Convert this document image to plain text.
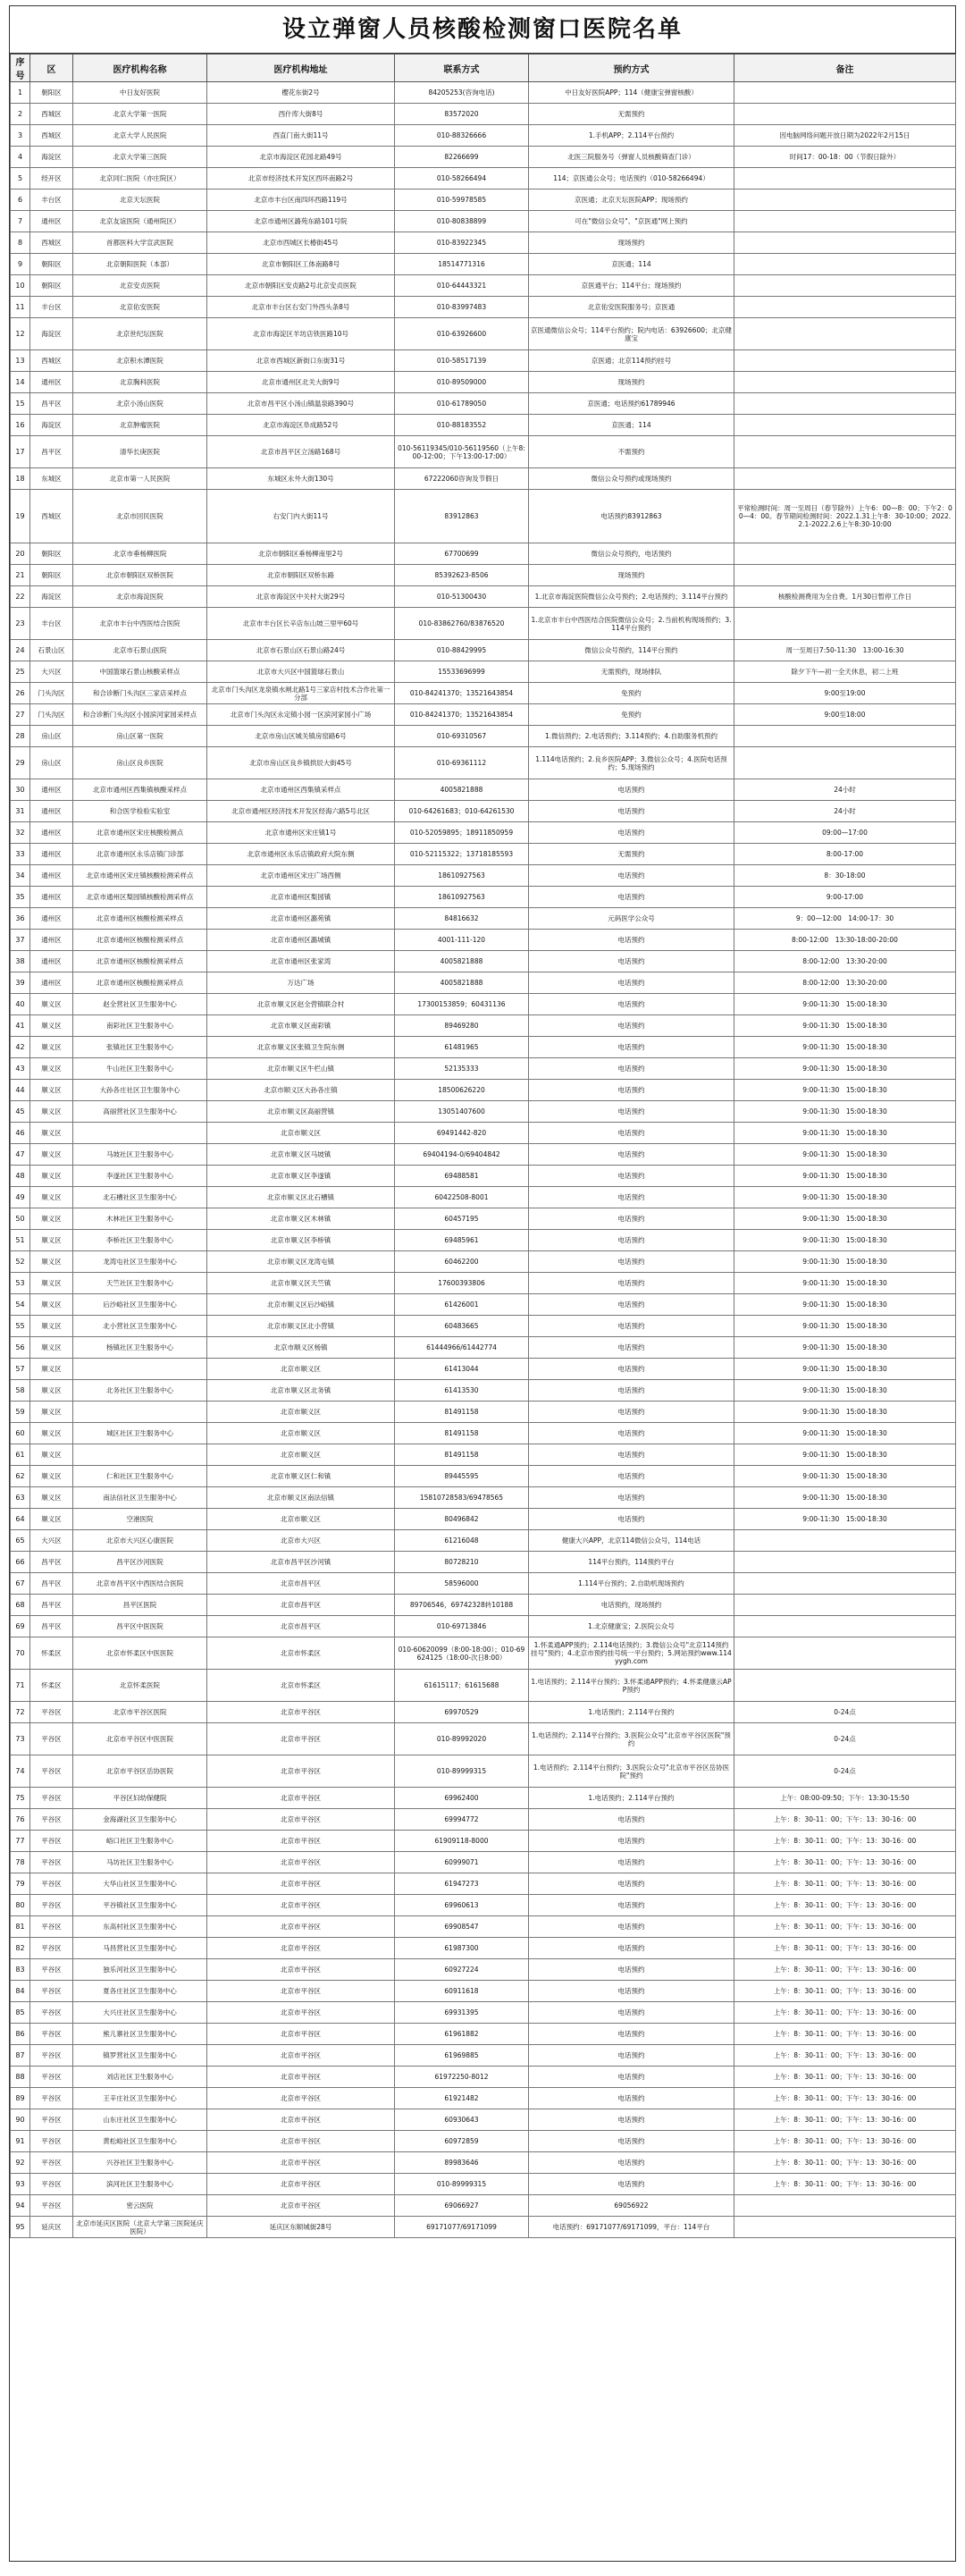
设立弹窗人员核酸检测窗口医院名单
序号	区	医疗机构名称	医疗机构地址	联系方式	预约方式	备注
1	朝阳区	中日友好医院	樱花东街2号	84205253(咨询电话)	中日友好医院APP；114（健康宝弹窗核酸）	
2	西城区	北京大学第一医院	西什库大街8号	83572020	无需预约	
3	西城区	北京大学人民医院	西直门南大街11号	010-88326666	1.手机APP；2.114平台预约	因电脑网络问题开放日期为2022年2月15日
4	海淀区	北京大学第三医院	北京市海淀区花园北路49号	82266699	北医三院服务号（弹窗人员核酸筛查门诊）	时间17：00-18：00（节假日除外）
5	经开区	北京同仁医院（亦庄院区）	北京市经济技术开发区西环南路2号	010-58266494	114；京医通公众号；电话预约（010-58266494）	
6	丰台区	北京天坛医院	北京市丰台区南四环西路119号	010-59978585	京医通；北京天坛医院APP；现场预约	
7	通州区	北京友谊医院（通州院区）	北京市通州区潞苑东路101号院	010-80838899	可在"微信公众号"、"京医通"网上预约	
8	西城区	首都医科大学宣武医院	北京市西城区长椿街45号	010-83922345	现场预约	
9	朝阳区	北京朝阳医院（本部）	北京市朝阳区工体南路8号	18514771316	京医通；114	
10	朝阳区	北京安贞医院	北京市朝阳区安贞路2号北京安贞医院	010-64443321	京医通平台；114平台；现场预约	
11	丰台区	北京佑安医院	北京市丰台区右安门外西头条8号	010-83997483	北京佑安医院服务号；京医通	
12	海淀区	北京世纪坛医院	北京市海淀区羊坊店铁医路10号	010-63926600	京医通微信公众号；114平台预约；院内电话：63926600；北京健康宝	
13	西城区	北京积水潭医院	北京市西城区新街口东街31号	010-58517139	京医通；北京114预约挂号	
14	通州区	北京胸科医院	北京市通州区北关大街9号	010-89509000	现场预约	
15	昌平区	北京小汤山医院	北京市昌平区小汤山镇温泉路390号	010-61789050	京医通；电话预约61789946	
16	海淀区	北京肿瘤医院	北京市海淀区阜成路52号	010-88183552	京医通；114	
17	昌平区	清华长庚医院	北京市昌平区立汤路168号	010-56119345/010-56119560（上午8:00-12:00；下午13:00-17:00）	不需预约	
18	东城区	北京市第一人民医院	东城区永外大街130号	67222060咨询及节假日	微信公众号预约或现场预约	
19	西城区	北京市回民医院	右安门内大街11号	83912863	电话预约83912863	平常检测时间：周一至周日（春节除外）上午6：00—8：00；下午2：00—4：00。春节期间检测时间：2022.1.31上午8：30-10:00；2022.2.1-2022.2.6上午8:30-10:00
20	朝阳区	北京市垂杨柳医院	北京市朝阳区垂杨柳南里2号	67700699	微信公众号预约，电话预约	
21	朝阳区	北京市朝阳区双桥医院	北京市朝阳区双桥东路	85392623-8506	现场预约	
22	海淀区	北京市海淀医院	北京市海淀区中关村大街29号	010-51300430	1.北京市海淀医院微信公众号预约；2.电话预约；3.114平台预约	核酸检测费用为全自费。1月30日暂停工作日
23	丰台区	北京市丰台中西医结合医院	北京市丰台区长辛店东山坡三里甲60号	010-83862760/83876520	1.北京市丰台中西医结合医院微信公众号；2.当前机构现场预约；3.114平台预约	
24	石景山区	北京市石景山医院	北京市石景山区石景山路24号	010-88429995	微信公众号预约，114平台预约	周一至周日7:50-11:30　13:00-16:30
25	大兴区	中国篮球石景山核酸采样点	北京市大兴区中国篮球石景山	15533696999	无需预约，现场排队	除夕下午—初一全天休息，初二上班
26	门头沟区	和合诊断门头沟区三家店采样点	北京市门头沟区龙泉镇水闸北路1号三家店村技术合作社第一分部	010-84241370；13521643854	免预约	9:00至19:00
27	门头沟区	和合诊断门头沟区小园滨河家园采样点	北京市门头沟区永定镇小园一区滨河家园小广场	010-84241370；13521643854	免预约	9:00至18:00
28	房山区	房山区第一医院	北京市房山区城关镇房窑路6号	010-69310567	1.微信预约；2.电话预约；3.114预约；4.自助服务机预约	
29	房山区	房山区良乡医院	北京市房山区良乡镇拱辰大街45号	010-69361112	1.114电话预约；2.良乡医院APP；3.微信公众号；4.医院电话预约；5.现场预约	
30	通州区	北京市通州区西集镇核酸采样点	北京市通州区西集镇采样点	4005821888	电话预约	24小时
31	通州区	和合医学检验实验室	北京市通州区经济技术开发区经海六路5号北区	010-64261683；010-64261530	电话预约	24小时
32	通州区	北京市通州区宋庄核酸检测点	北京市通州区宋庄镇1号	010-52059895；18911850959	电话预约	09:00—17:00
33	通州区	北京市通州区永乐店镇门诊部	北京市通州区永乐店镇政府大院东侧	010-52115322；13718185593	无需预约	8:00-17:00
34	通州区	北京市通州区宋庄镇核酸检测采样点	北京市通州区宋庄广场西侧	18610927563	电话预约	8：30-18:00
35	通州区	北京市通州区梨园镇核酸检测采样点	北京市通州区梨园镇	18610927563	电话预约	9:00-17:00
36	通州区	北京市通州区核酸检测采样点	北京市通州区潞苑镇	84816632	元码医学公众号	9：00—12:00　14:00-17：30
37	通州区	北京市通州区核酸检测采样点	北京市通州区潞城镇	4001-111-120	电话预约	8:00-12:00　13:30-18:00-20:00
38	通州区	北京市通州区核酸检测采样点	北京市通州区张家湾	4005821888	电话预约	8:00-12:00　13:30-20:00
39	通州区	北京市通州区核酸检测采样点	万达广场	4005821888	电话预约	8:00-12:00　13:30-20:00
40	顺义区	赵全营社区卫生服务中心	北京市顺义区赵全营镇联合村	17300153859；60431136	电话预约	9:00-11:30　15:00-18:30
41	顺义区	南彩社区卫生服务中心	北京市顺义区南彩镇	89469280	电话预约	9:00-11:30　15:00-18:30
42	顺义区	张镇社区卫生服务中心	北京市顺义区张镇卫生院东侧	61481965	电话预约	9:00-11:30　15:00-18:30
43	顺义区	牛山社区卫生服务中心	北京市顺义区牛栏山镇	52135333	电话预约	9:00-11:30　15:00-18:30
44	顺义区	大孙各庄社区卫生服务中心	北京市顺义区大孙各庄镇	18500626220	电话预约	9:00-11:30　15:00-18:30
45	顺义区	高丽营社区卫生服务中心	北京市顺义区高丽营镇	13051407600	电话预约	9:00-11:30　15:00-18:30
46	顺义区		北京市顺义区	69491442-820	电话预约	9:00-11:30　15:00-18:30
47	顺义区	马坡社区卫生服务中心	北京市顺义区马坡镇	69404194-0/69404842	电话预约	9:00-11:30　15:00-18:30
48	顺义区	李遂社区卫生服务中心	北京市顺义区李遂镇	69488581	电话预约	9:00-11:30　15:00-18:30
49	顺义区	北石槽社区卫生服务中心	北京市顺义区北石槽镇	60422508-8001	电话预约	9:00-11:30　15:00-18:30
50	顺义区	木林社区卫生服务中心	北京市顺义区木林镇	60457195	电话预约	9:00-11:30　15:00-18:30
51	顺义区	李桥社区卫生服务中心	北京市顺义区李桥镇	69485961	电话预约	9:00-11:30　15:00-18:30
52	顺义区	龙湾屯社区卫生服务中心	北京市顺义区龙湾屯镇	60462200	电话预约	9:00-11:30　15:00-18:30
53	顺义区	天竺社区卫生服务中心	北京市顺义区天竺镇	17600393806	电话预约	9:00-11:30　15:00-18:30
54	顺义区	后沙峪社区卫生服务中心	北京市顺义区后沙峪镇	61426001	电话预约	9:00-11:30　15:00-18:30
55	顺义区	北小营社区卫生服务中心	北京市顺义区北小营镇	60483665	电话预约	9:00-11:30　15:00-18:30
56	顺义区	杨镇社区卫生服务中心	北京市顺义区杨镇	61444966/61442774	电话预约	9:00-11:30　15:00-18:30
57	顺义区		北京市顺义区	61413044	电话预约	9:00-11:30　15:00-18:30
58	顺义区	北务社区卫生服务中心	北京市顺义区北务镇	61413530	电话预约	9:00-11:30　15:00-18:30
59	顺义区		北京市顺义区	81491158	电话预约	9:00-11:30　15:00-18:30
60	顺义区	城区社区卫生服务中心	北京市顺义区	81491158	电话预约	9:00-11:30　15:00-18:30
61	顺义区		北京市顺义区	81491158	电话预约	9:00-11:30　15:00-18:30
62	顺义区	仁和社区卫生服务中心	北京市顺义区仁和镇	89445595	电话预约	9:00-11:30　15:00-18:30
63	顺义区	南法信社区卫生服务中心	北京市顺义区南法信镇	15810728583/69478565	电话预约	9:00-11:30　15:00-18:30
64	顺义区	空港医院	北京市顺义区	80496842	电话预约	9:00-11:30　15:00-18:30
65	大兴区	北京市大兴区心康医院	北京市大兴区	61216048	健康大兴APP，北京114微信公众号，114电话	
66	昌平区	昌平区沙河医院	北京市昌平区沙河镇	80728210	114平台预约，114预约平台	
67	昌平区	北京市昌平区中西医结合医院	北京市昌平区	58596000	1.114平台预约；2.自助机现场预约	
68	昌平区	昌平区医院	北京市昌平区	89706546，69742328转10188	电话预约，现场预约	
69	昌平区	昌平区中医医院	北京市昌平区	010-69713846	1.北京健康宝；2.医院公众号	
70	怀柔区	北京市怀柔区中医医院	北京市怀柔区	010-60620099（8:00-18:00）；010-69624125（18:00-次日8:00）	1.怀柔通APP预约；2.114电话预约；3.微信公众号"北京114预约挂号"预约；4.北京市预约挂号统一平台预约；5.网站预约www.114yygh.com	
71	怀柔区	北京怀柔医院	北京市怀柔区	61615117；61615688	1.电话预约；2.114平台预约；3.怀柔通APP预约；4.怀柔健康云APP预约	
72	平谷区	北京市平谷区医院	北京市平谷区	69970529	1.电话预约；2.114平台预约	0-24点
73	平谷区	北京市平谷区中医医院	北京市平谷区	010-89992020	1.电话预约；2.114平台预约；3.医院公众号"北京市平谷区医院"预约	0-24点
74	平谷区	北京市平谷区岳协医院	北京市平谷区	010-89999315	1.电话预约；2.114平台预约；3.医院公众号"北京市平谷区岳协医院"预约	0-24点
75	平谷区	平谷区妇幼保健院	北京市平谷区	69962400	1.电话预约；2.114平台预约	上午：08:00-09:50；下午：13:30-15:50
76	平谷区	金海湖社区卫生服务中心	北京市平谷区	69994772	电话预约	上午：8：30-11：00；下午：13：30-16：00
77	平谷区	峪口社区卫生服务中心	北京市平谷区	61909118-8000	电话预约	上午：8：30-11：00；下午：13：30-16：00
78	平谷区	马坊社区卫生服务中心	北京市平谷区	60999071	电话预约	上午：8：30-11：00；下午：13：30-16：00
79	平谷区	大华山社区卫生服务中心	北京市平谷区	61947273	电话预约	上午：8：30-11：00；下午：13：30-16：00
80	平谷区	平谷镇社区卫生服务中心	北京市平谷区	69960613	电话预约	上午：8：30-11：00；下午：13：30-16：00
81	平谷区	东高村社区卫生服务中心	北京市平谷区	69908547	电话预约	上午：8：30-11：00；下午：13：30-16：00
82	平谷区	马昌营社区卫生服务中心	北京市平谷区	61987300	电话预约	上午：8：30-11：00；下午：13：30-16：00
83	平谷区	独乐河社区卫生服务中心	北京市平谷区	60927224	电话预约	上午：8：30-11：00；下午：13：30-16：00
84	平谷区	夏各庄社区卫生服务中心	北京市平谷区	60911618	电话预约	上午：8：30-11：00；下午：13：30-16：00
85	平谷区	大兴庄社区卫生服务中心	北京市平谷区	69931395	电话预约	上午：8：30-11：00；下午：13：30-16：00
86	平谷区	熊儿寨社区卫生服务中心	北京市平谷区	61961882	电话预约	上午：8：30-11：00；下午：13：30-16：00
87	平谷区	镇罗营社区卫生服务中心	北京市平谷区	61969885	电话预约	上午：8：30-11：00；下午：13：30-16：00
88	平谷区	刘店社区卫生服务中心	北京市平谷区	61972250-8012	电话预约	上午：8：30-11：00；下午：13：30-16：00
89	平谷区	王辛庄社区卫生服务中心	北京市平谷区	61921482	电话预约	上午：8：30-11：00；下午：13：30-16：00
90	平谷区	山东庄社区卫生服务中心	北京市平谷区	60930643	电话预约	上午：8：30-11：00；下午：13：30-16：00
91	平谷区	黄松峪社区卫生服务中心	北京市平谷区	60972859	电话预约	上午：8：30-11：00；下午：13：30-16：00
92	平谷区	兴谷社区卫生服务中心	北京市平谷区	89983646	电话预约	上午：8：30-11：00；下午：13：30-16：00
93	平谷区	滨河社区卫生服务中心	北京市平谷区	010-89999315	电话预约	上午：8：30-11：00；下午：13：30-16：00
94	平谷区	密云医院	北京市平谷区	69066927	69056922	
95	延庆区	北京市延庆区医院（北京大学第三医院延庆医院）	延庆区东顺城街28号	69171077/69171099	电话预约：69171077/69171099，平台：114平台	
